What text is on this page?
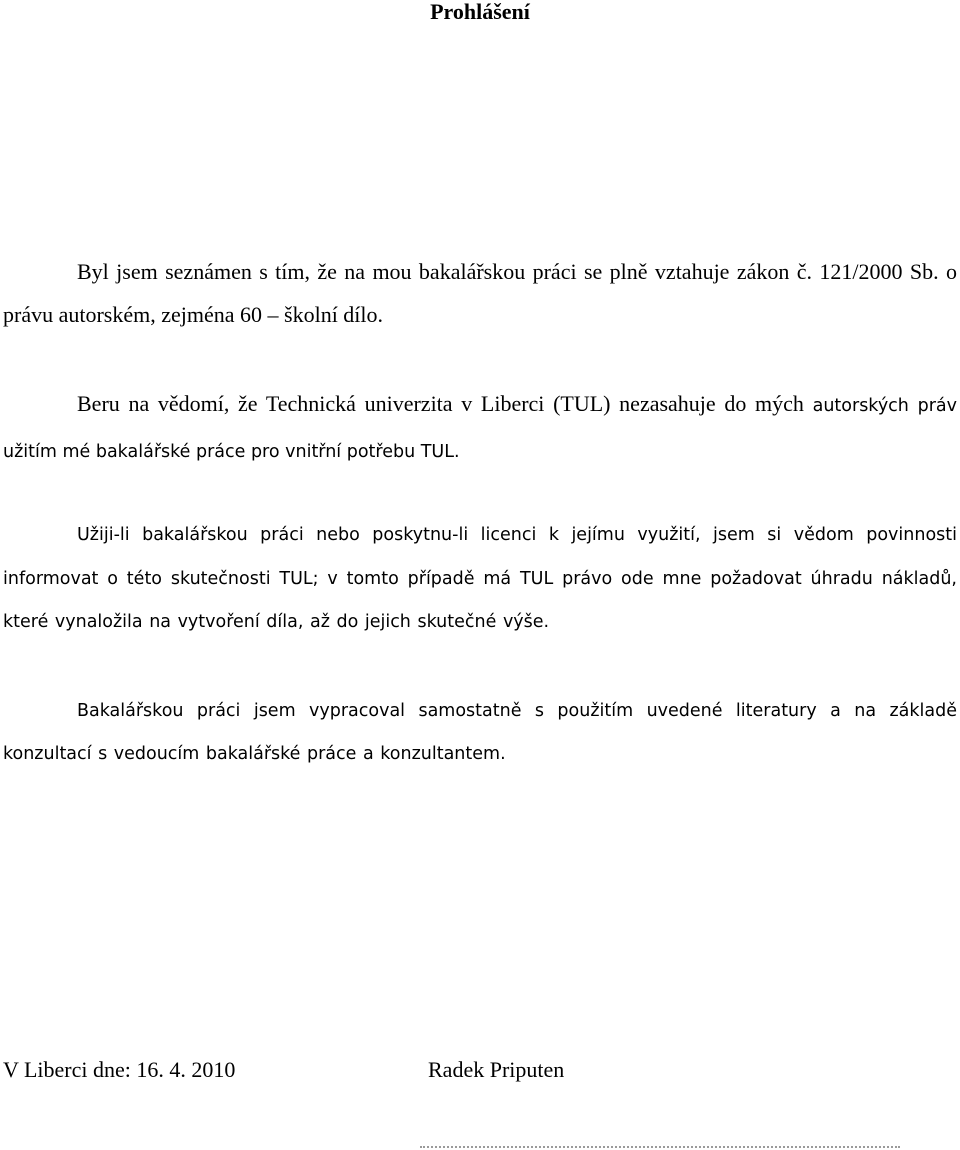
Prohlášení

Byl jsem seznámen s tím, že na mou bakalářskou práci se plně vztahuje zákon č. 121/2000 Sb. o právu autorském, zejména 60 – školní dílo.

Beru na vědomí, že Technická univerzita v Liberci (TUL) nezasahuje do mých autorských práv užitím mé bakalářské práce pro vnitřní potřebu TUL.

Užiji-li bakalářskou práci nebo poskytnu-li licenci k jejímu využití, jsem si vědom povinnosti informovat o této skutečnosti TUL; v tomto případě má TUL právo ode mne požadovat úhradu nákladů, které vynaložila na vytvoření díla, až do jejich skutečné výše.

Bakalářskou práci jsem vypracoval samostatně s použitím uvedené literatury a na základě konzultací s vedoucím bakalářské práce a konzultantem.

V Liberci dne: 16. 4. 2010	Radek Priputen
